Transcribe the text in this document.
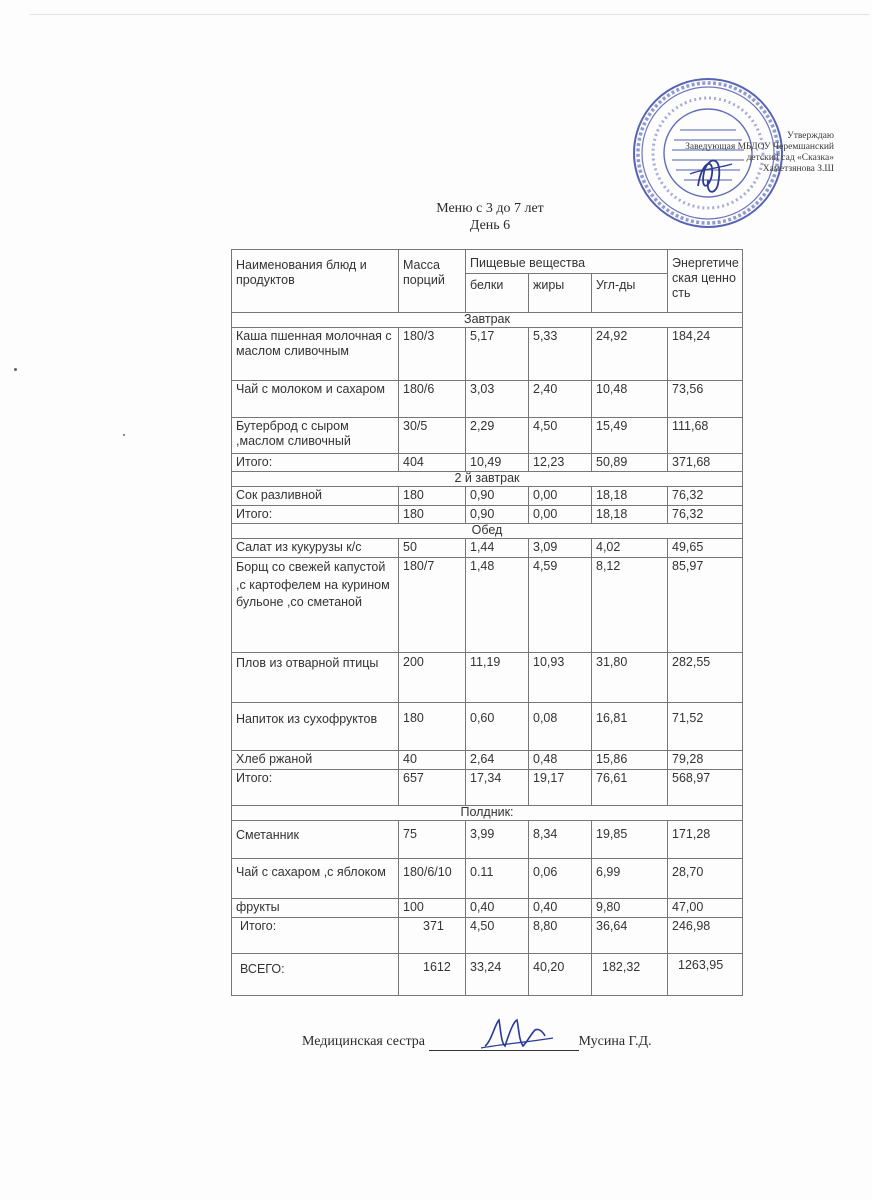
Утверждаю
Заведующая МБДОУ Черемшанский
детский сад «Сказка»
Хаметзянова З.Ш
Меню с 3 до 7 лет
День 6
Наименования блюд и продуктов	Масса порций	Пищевые вещества			Энергетическая ценность
		белки	жиры	Угл-ды	
Завтрак					
Каша пшенная молочная с маслом сливочным	180/3	5,17	5,33	24,92	184,24
Чай с молоком и сахаром	180/6	3,03	2,40	10,48	73,56
Бутерброд с сыром ,маслом сливочный	30/5	2,29	4,50	15,49	111,68
Итого:	404	10,49	12,23	50,89	371,68
2 й завтрак					
Сок разливной	180	0,90	0,00	18,18	76,32
Итого:	180	0,90	0,00	18,18	76,32
Обед					
Салат из кукурузы к/с	50	1,44	3,09	4,02	49,65
Борщ со свежей капустой ,с картофелем на курином бульоне ,со сметаной	180/7	1,48	4,59	8,12	85,97
Плов из отварной птицы	200	11,19	10,93	31,80	282,55
Напиток из сухофруктов	180	0,60	0,08	16,81	71,52
Хлеб ржаной	40	2,64	0,48	15,86	79,28
Итого:	657	17,34	19,17	76,61	568,97
Полдник:					
Сметанник	75	3,99	8,34	19,85	171,28
Чай с сахаром ,с яблоком	180/6/10	0.11	0,06	6,99	28,70
фрукты	100	0,40	0,40	9,80	47,00
Итого:	371	4,50	8,80	36,64	246,98
ВСЕГО:	1612	33,24	40,20	182,32	1263,95
Медицинская сестра	Мусина Г.Д.
